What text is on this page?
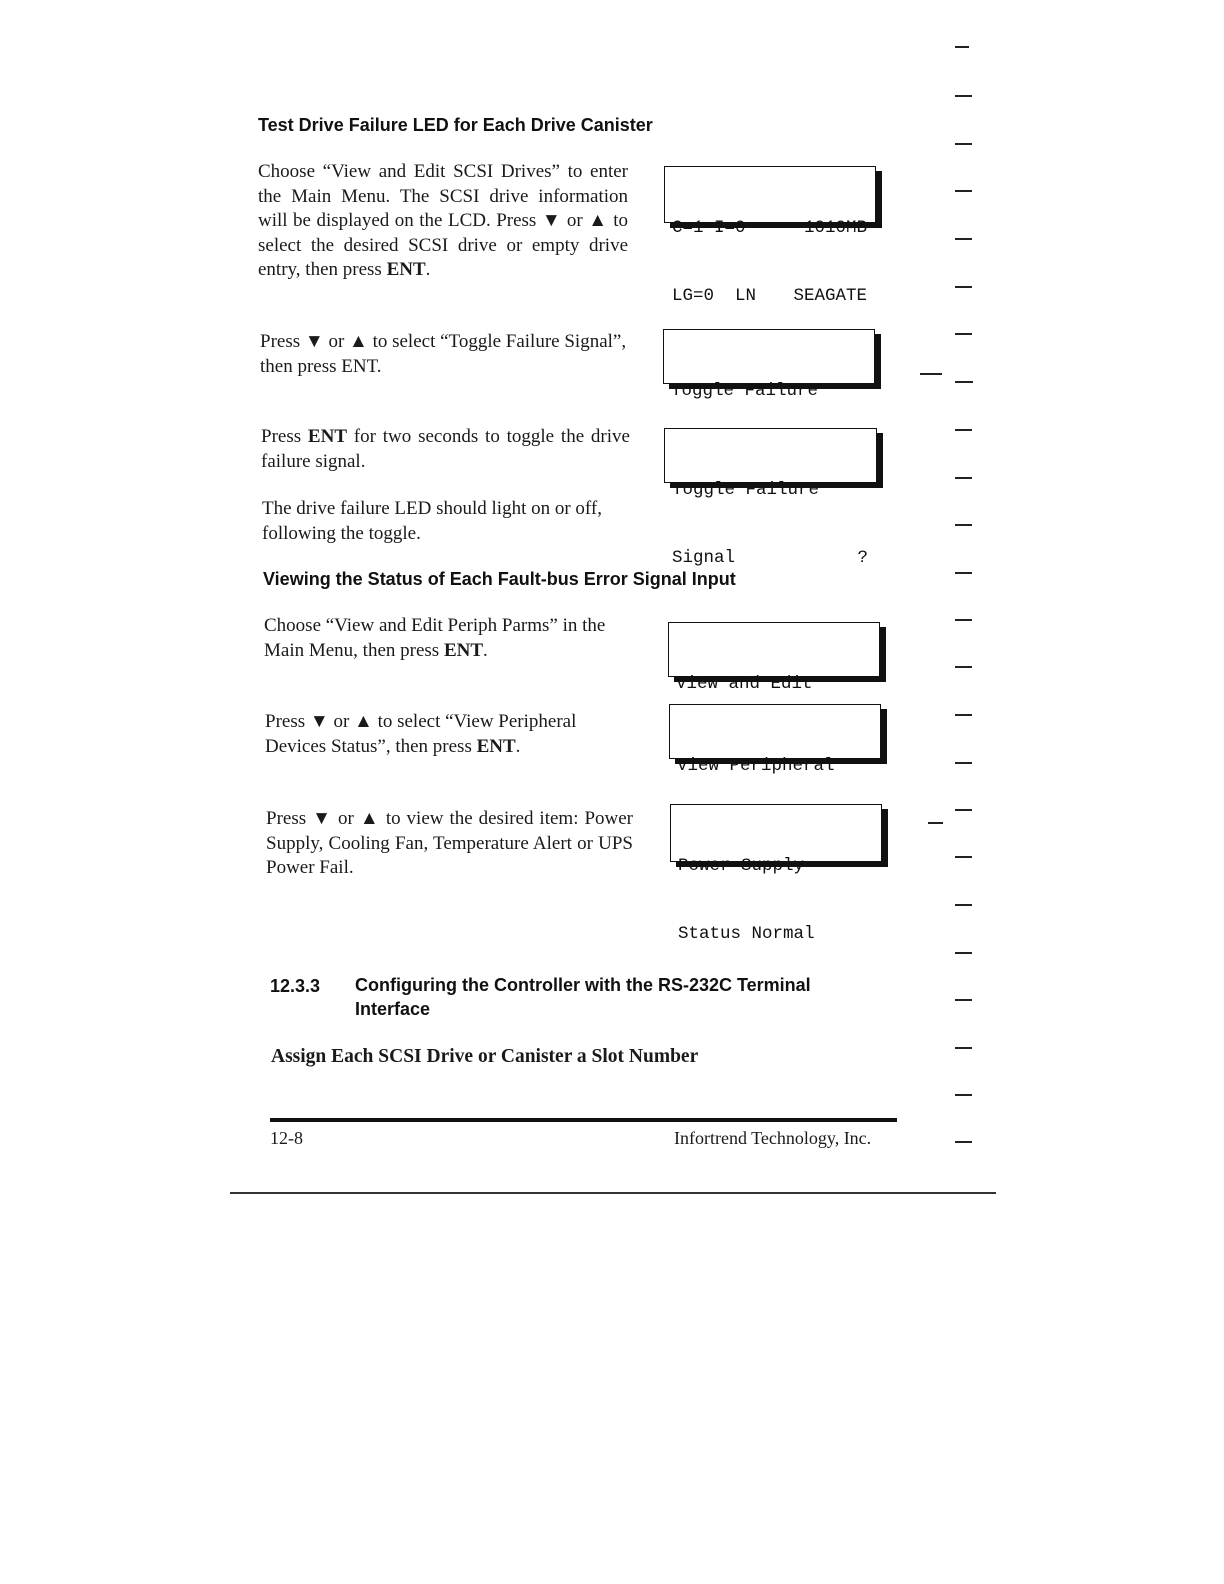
Test Drive Failure LED for Each Drive Canister
Choose “View and Edit SCSI Drives” to enter the Main Menu. The SCSI drive information will be displayed on the LCD. Press ▼ or ▲ to select the desired SCSI drive or empty drive entry, then press ENT.

C=1 I=0	1010MB

LG=0  LN SEAGATE

Press ▼ or ▲ to select “Toggle Failure Signal”, then press ENT.

Toggle Failure

Press ENT for two seconds to toggle the drive failure signal.

Toggle Failure

Signal	?

The drive failure LED should light on or off, following the toggle.
Viewing the Status of Each Fault-bus Error Signal Input
Choose “View and Edit Periph Parms” in the Main Menu, then press ENT.

View and Edit

Press ▼ or ▲ to select “View Peripheral Devices Status”, then press ENT.

View Peripheral

Press ▼ or ▲ to view the desired item: Power Supply, Cooling Fan, Temperature Alert or UPS Power Fail.

	Power Supply

Status Normal

12.3.3 Configuring the Controller with the RS-232C Terminal
Interface
Assign Each SCSI Drive or Canister a Slot Number
12-8	Infortrend Technology, Inc.
